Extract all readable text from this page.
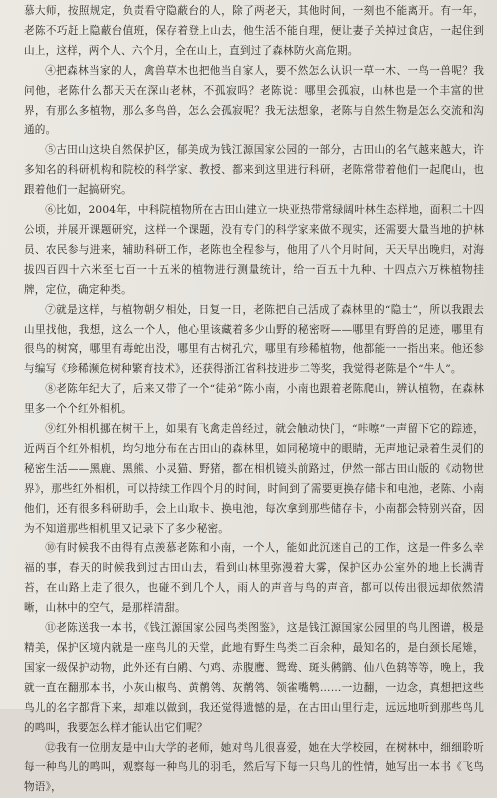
慕大师，按照规定，负责看守隐蔽台的人，除了两老天，其他时间，一刻也不能离开。有一年，老陈不巧赶上隐蔽台值班，保存着登上山去，他生活不能自理，便让妻子关掉过食店，一起住到山上，这样，两个人、六个月，全在山上，直到过了森林防火高危期。

④把森林当家的人，禽兽草木也把他当自家人，要不然怎么认识一草一木、一鸟一兽呢？我问他，老陈什么都天天在深山老林，不孤寂吗？老陈说：哪里会孤寂，山林也是一个丰富的世界，有那么多植物，那么多鸟兽，怎么会孤寂呢？我无法想象，老陈与自然生物是怎么交流和沟通的。

⑤古田山这块自然保护区，郁美成为钱江源国家公园的一部分，古田山的名气越来越大，许多知名的科研机构和院校的科学家、教授、都来到这里进行科研，老陈常带着他们一起爬山，也跟着他们一起搞研究。

⑥比如，2004年，中科院植物所在古田山建立一块亚热带常绿阔叶林生态样地，面积二十四公顷，并展开课题研究，这样一个课题，没有专门的科学家来做不现实，还需要大量当地的护林员、农民参与进来，辅助科研工作，老陈也全程参与，他用了八个月时间，天天早出晚归，对海拔四百四十六米至七百一十五米的植物进行测量统计，给一百五十九种、十四点六万株植物挂牌，定位，确定种类。

⑦就是这样，与植物朝夕相处，日复一日，老陈把自己活成了森林里的“隐士”，所以我跟去山里找他，我想，这么一个人，他心里该藏着多少山野的秘密呀——哪里有野兽的足迹，哪里有很鸟的树窝，哪里有毒蛇出没，哪里有古树孔穴，哪里有珍稀植物，他都能一一指出来。他还参与编写《珍稀濒危树种繁育技术》，还获得浙江省科技进步二等奖，我觉得老陈是个“牛人”。

⑧老陈年纪大了，后来又带了一个“徒弟”陈小南，小南也跟着老陈爬山，辨认植物，在森林里多一个个红外相机。

⑨红外相机挪在树干上，如果有飞禽走兽经过，就会触动快门，“咔嚓”一声留下它的踪迹，近两百个红外相机，均匀地分布在古田山的森林里，如同秘境中的眼睛，无声地记录着生灵们的秘密生活——黑鹿、黑熊、小灵猫、野猪，都在相机镜头前路过，伊然一部古田山版的《动物世界》，那些红外相机，可以持续工作四个月的时间，时间到了需要更换存储卡和电池，老陈、小南他们，还有很多科研助手，会上山取卡、换电池，每次拿到那些储存卡，小南都会特别兴奋，因为不知道那些相机里又记录下了多少秘密。

⑩有时候我不由得有点羡慕老陈和小南，一个人，能如此沉迷自己的工作，这是一件多么幸福的事，春天的时候我到过古田山去，看到山林里弥漫着大雾，保护区办公室外的地上长满青苔，在山路上走了很久，也碰不到几个人，雨人的声音与鸟的声音，都可以传出很远却依然清晰，山林中的空气，是那样清甜。

⑪老陈送我一本书，《钱江源国家公园鸟类图鉴》，这是钱江源国家公园里的鸟儿图谱，极是精美，保护区境内就是一座鸟儿的天堂，此地有野生鸟类二百余种，最知名的，是白颈长尾雉，国家一级保护动物，此外还有白鹇、勺鸡、赤腹鹰、鸳鸯、斑头鸺鹠、仙八色鸫等等，晚上，我就一直在翻那本书，小灰山椒鸟、黄鹡鸰、灰鹡鸰、领雀嘴鹎……一边翻，一边念，真想把这些鸟儿的名字都背下来，却难以做到，我还觉得遗憾的是，在古田山里行走，远远地听到那些鸟儿的鸣叫，我要怎么样才能认出它们呢？

⑫我有一位朋友是中山大学的老师，她对鸟儿很喜爱，她在大学校园，在树林中，细细聆听每一种鸟儿的鸣叫，观察每一种鸟儿的羽毛，然后写下每一只鸟儿的性情，她写出一本书《飞鸟物语》，
